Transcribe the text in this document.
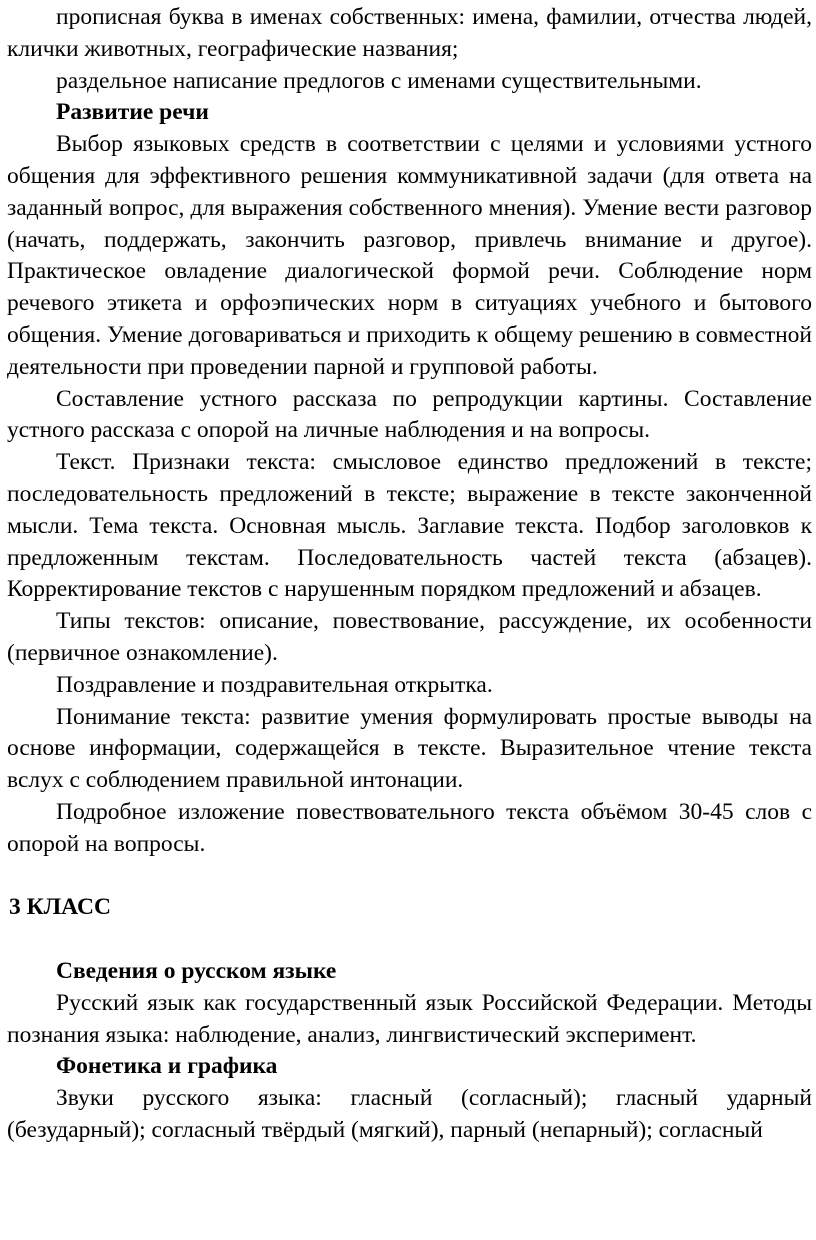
прописная буква в именах собственных: имена, фамилии, отчества людей, клички животных, географические названия;

раздельное написание предлогов с именами существительными.

Развитие речи

Выбор языковых средств в соответствии с целями и условиями устного общения для эффективного решения коммуникативной задачи (для ответа на заданный вопрос, для выражения собственного мнения). Умение вести разговор (начать, поддержать, закончить разговор, привлечь внимание и другое). Практическое овладение диалогической формой речи. Соблюдение норм речевого этикета и орфоэпических норм в ситуациях учебного и бытового общения. Умение договариваться и приходить к общему решению в совместной деятельности при проведении парной и групповой работы.

Составление устного рассказа по репродукции картины. Составление устного рассказа с опорой на личные наблюдения и на вопросы.

Текст. Признаки текста: смысловое единство предложений в тексте; последовательность предложений в тексте; выражение в тексте законченной мысли. Тема текста. Основная мысль. Заглавие текста. Подбор заголовков к предложенным текстам. Последовательность частей текста (абзацев). Корректирование текстов с нарушенным порядком предложений и абзацев.

Типы текстов: описание, повествование, рассуждение, их особенности (первичное ознакомление).

Поздравление и поздравительная открытка.

Понимание текста: развитие умения формулировать простые выводы на основе информации, содержащейся в тексте. Выразительное чтение текста вслух с соблюдением правильной интонации.

Подробное изложение повествовательного текста объёмом 30-45 слов с опорой на вопросы.

3 КЛАСС

Сведения о русском языке

Русский язык как государственный язык Российской Федерации. Методы познания языка: наблюдение, анализ, лингвистический эксперимент.

Фонетика и графика

Звуки русского языка: гласный (согласный); гласный ударный (безударный); согласный твёрдый (мягкий), парный (непарный); согласный
